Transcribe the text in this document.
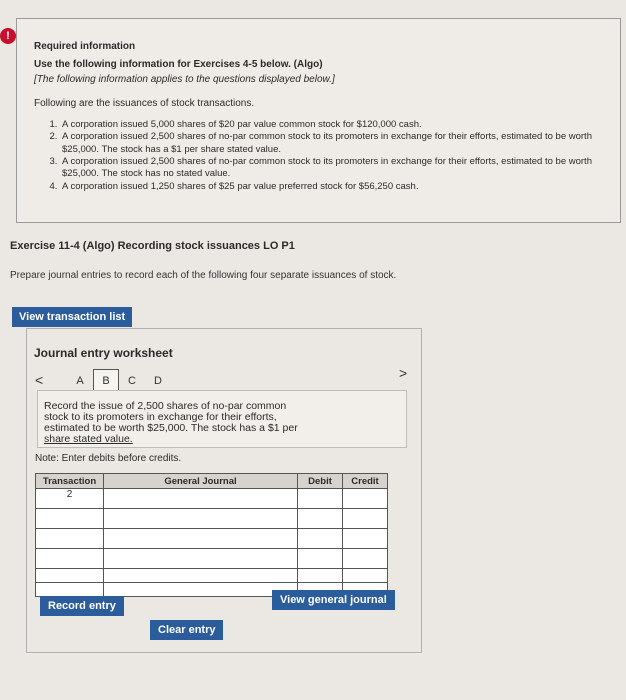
!
Required information
Use the following information for Exercises 4-5 below. (Algo)
[The following information applies to the questions displayed below.]
Following are the issuances of stock transactions.
1. A corporation issued 5,000 shares of $20 par value common stock for $120,000 cash.
2. A corporation issued 2,500 shares of no-par common stock to its promoters in exchange for their efforts, estimated to be worth $25,000. The stock has a $1 per share stated value.
3. A corporation issued 2,500 shares of no-par common stock to its promoters in exchange for their efforts, estimated to be worth $25,000. The stock has no stated value.
4. A corporation issued 1,250 shares of $25 par value preferred stock for $56,250 cash.
Exercise 11-4 (Algo) Recording stock issuances LO P1
Prepare journal entries to record each of the following four separate issuances of stock.
View transaction list
Journal entry worksheet
<	>
A	B	C	D
Record the issue of 2,500 shares of no-par common
stock to its promoters in exchange for their efforts,
estimated to be worth $25,000. The stock has a $1 per
share stated value.
Note: Enter debits before credits.
Transaction	General Journal	Debit	Credit
2			

Record entry	View general journal
Clear entry
